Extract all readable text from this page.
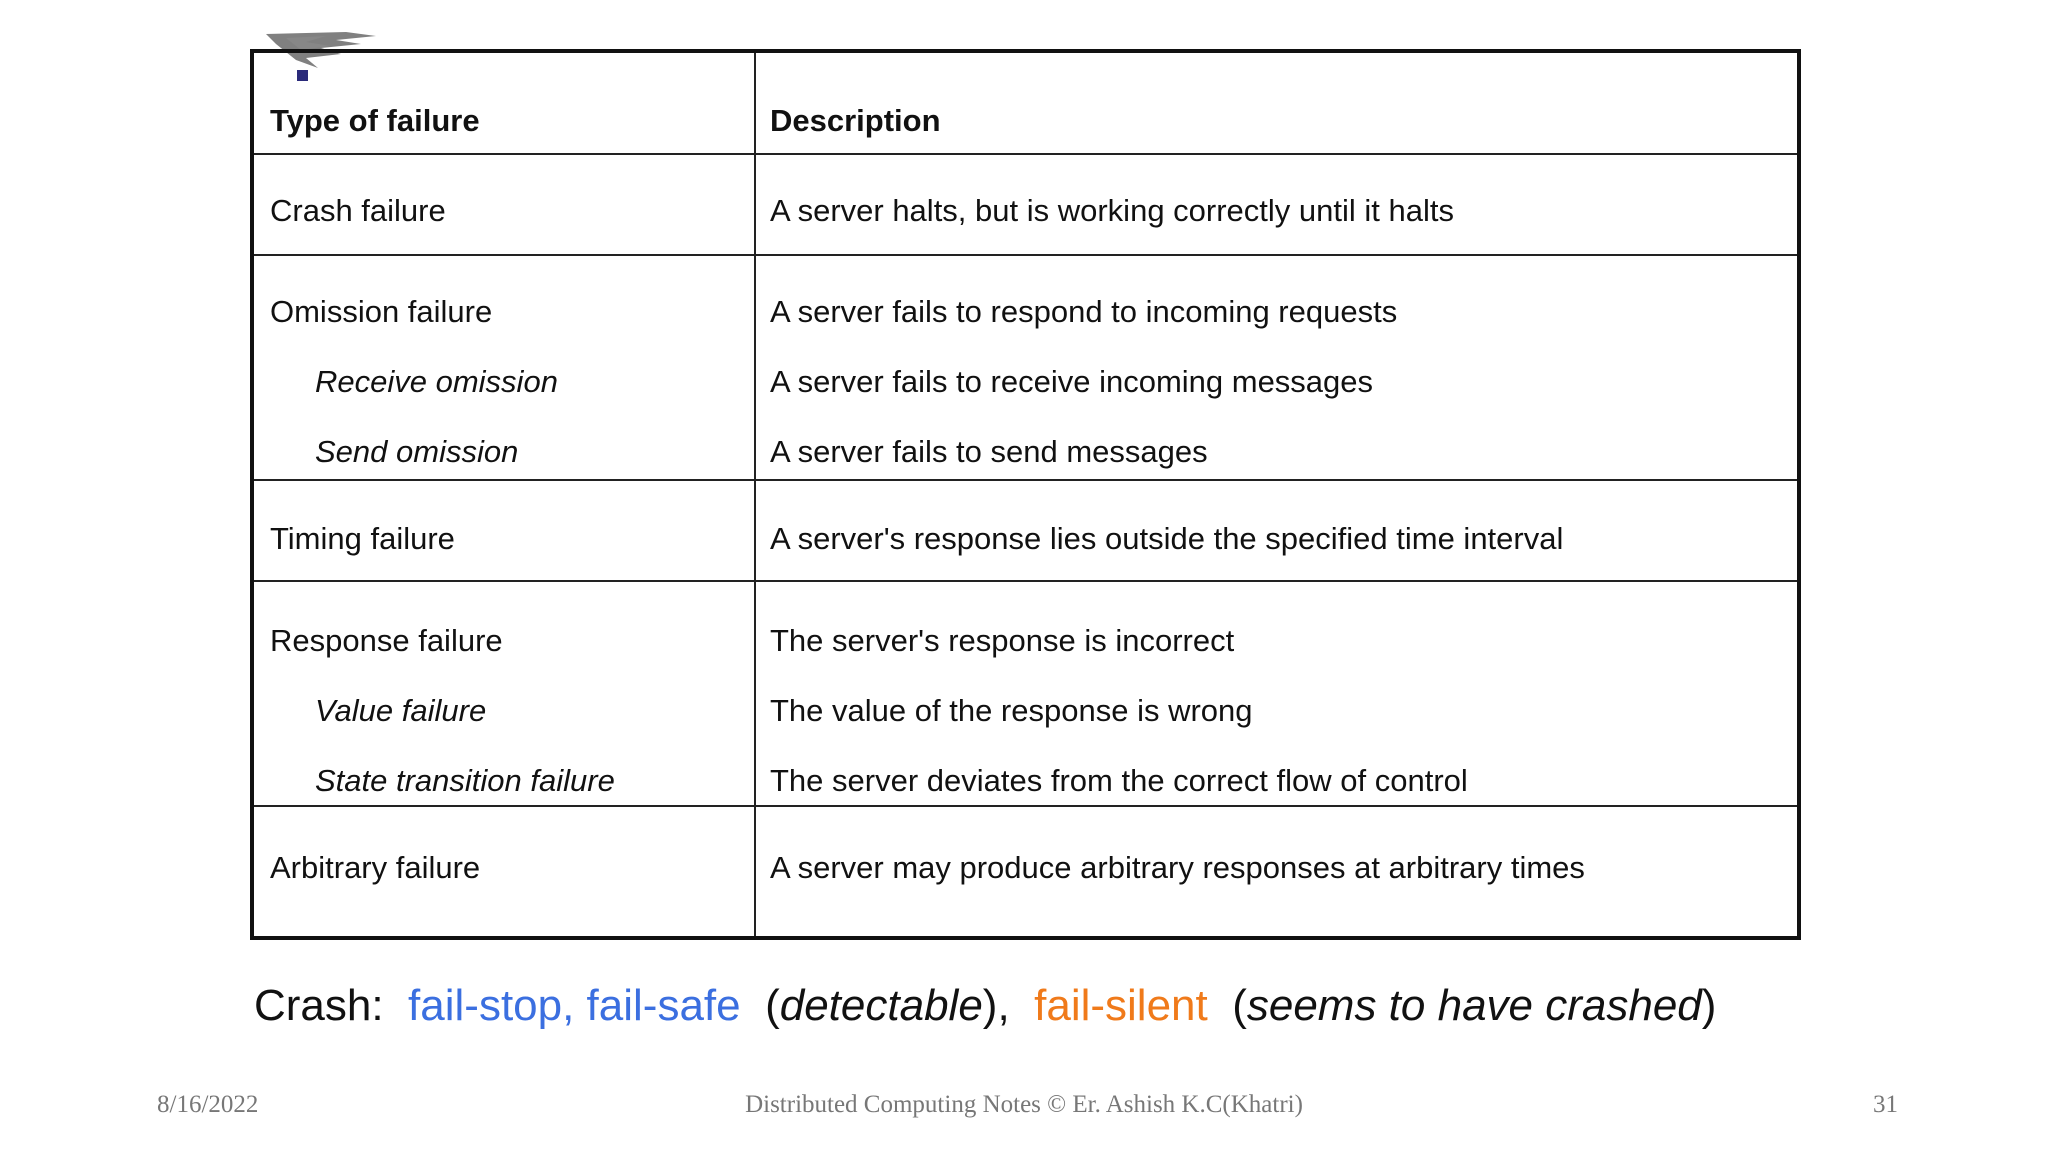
Type of failure	Description
Crash failure	A server halts, but is working correctly until it halts
Omission failure	A server fails to respond to incoming requests
Receive omission	A server fails to receive incoming messages
Send omission	A server fails to send messages
Timing failure	A server's response lies outside the specified time interval
Response failure	The server's response is incorrect
Value failure	The value of the response is wrong
State transition failure	The server deviates from the correct flow of control
Arbitrary failure	A server may produce arbitrary responses at arbitrary times
Crash: fail-stop, fail-safe  (detectable),  fail-silent  (seems to have crashed)
8/16/2022	Distributed Computing Notes © Er. Ashish K.C(Khatri)	31
